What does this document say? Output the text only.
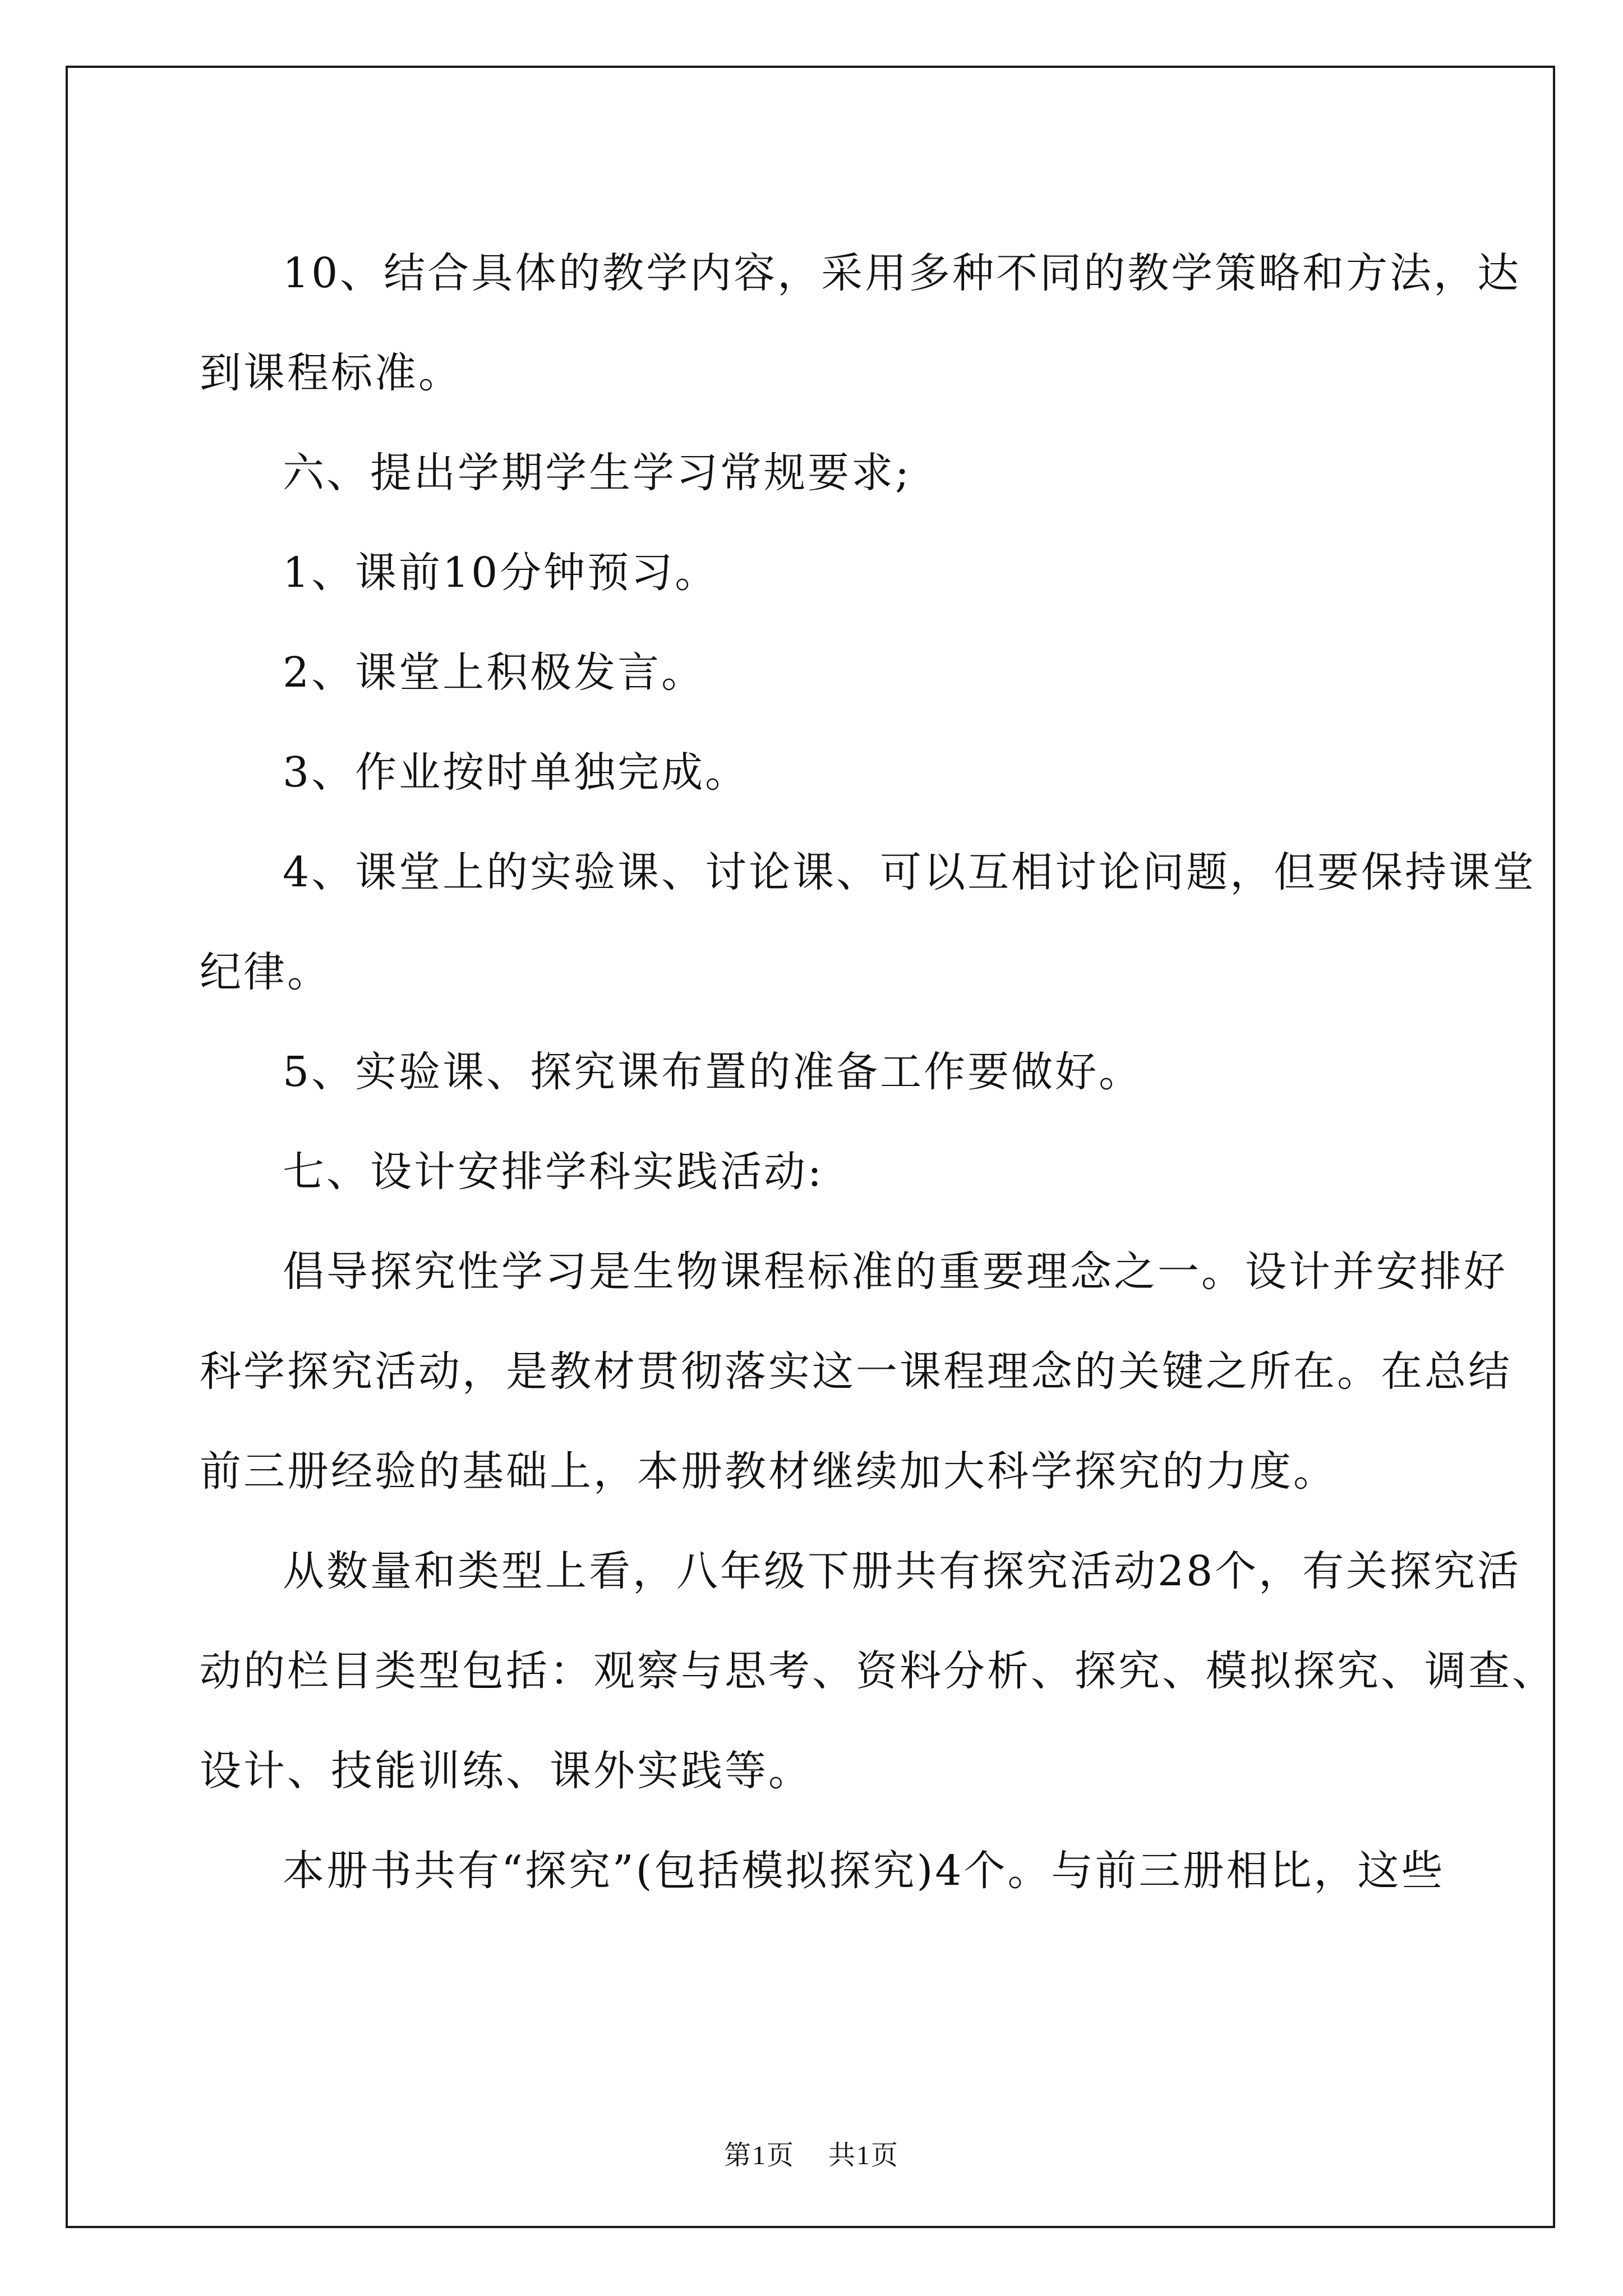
10、结合具体的教学内容，采用多种不同的教学策略和方法，达
到课程标准。

六、提出学期学生学习常规要求;

1、课前10分钟预习。

2、课堂上积极发言。

3、作业按时单独完成。

4、课堂上的实验课、讨论课、可以互相讨论问题，但要保持课堂
纪律。

5、实验课、探究课布置的准备工作要做好。

七、设计安排学科实践活动:

倡导探究性学习是生物课程标准的重要理念之一。设计并安排好
科学探究活动，是教材贯彻落实这一课程理念的关键之所在。在总结
前三册经验的基础上，本册教材继续加大科学探究的力度。

从数量和类型上看，八年级下册共有探究活动28个，有关探究活
动的栏目类型包括：观察与思考、资料分析、探究、模拟探究、调查、
设计、技能训练、课外实践等。

本册书共有“探究”(包括模拟探究)4个。与前三册相比，这些

第1页 共1页
